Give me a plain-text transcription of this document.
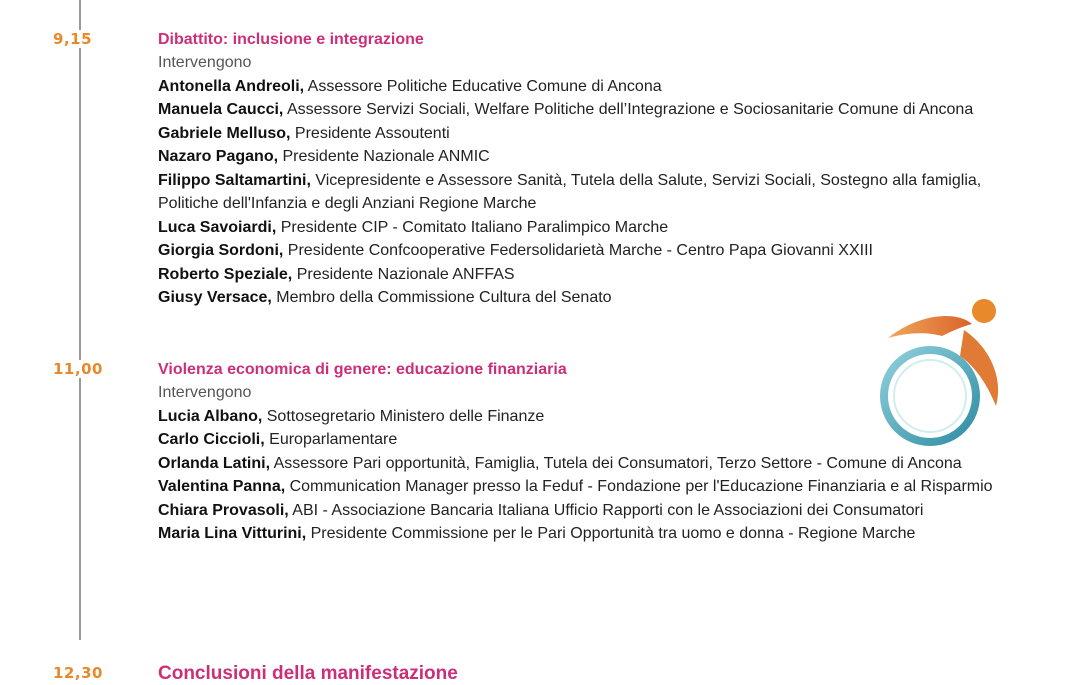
9,15	Dibattito: inclusione e integrazione
Intervengono

Antonella Andreoli, Assessore Politiche Educative Comune di Ancona

Manuela Caucci, Assessore Servizi Sociali, Welfare Politiche dell’Integrazione e Sociosanitarie Comune di Ancona

Gabriele Melluso, Presidente Assoutenti

Nazaro Pagano, Presidente Nazionale ANMIC

Filippo Saltamartini, Vicepresidente e Assessore Sanità, Tutela della Salute, Servizi Sociali, Sostegno alla famiglia, Politiche dell'Infanzia e degli Anziani Regione Marche

Luca Savoiardi, Presidente CIP - Comitato Italiano Paralimpico Marche

Giorgia Sordoni, Presidente Confcooperative Federsolidarietà Marche - Centro Papa Giovanni XXIII

Roberto Speziale, Presidente Nazionale ANFFAS

Giusy Versace, Membro della Commissione Cultura del Senato

11,00	Violenza economica di genere: educazione finanziaria
Intervengono

Lucia Albano, Sottosegretario Ministero delle Finanze

Carlo Ciccioli, Europarlamentare

Orlanda Latini, Assessore Pari opportunità, Famiglia, Tutela dei Consumatori, Terzo Settore - Comune di Ancona

Valentina Panna, Communication Manager presso la Feduf - Fondazione per l'Educazione Finanziaria e al Risparmio

Chiara Provasoli, ABI - Associazione Bancaria Italiana Ufficio Rapporti con le Associazioni dei Consumatori

Maria Lina Vitturini, Presidente Commissione per le Pari Opportunità tra uomo e donna - Regione Marche

12,30	Conclusioni della manifestazione
